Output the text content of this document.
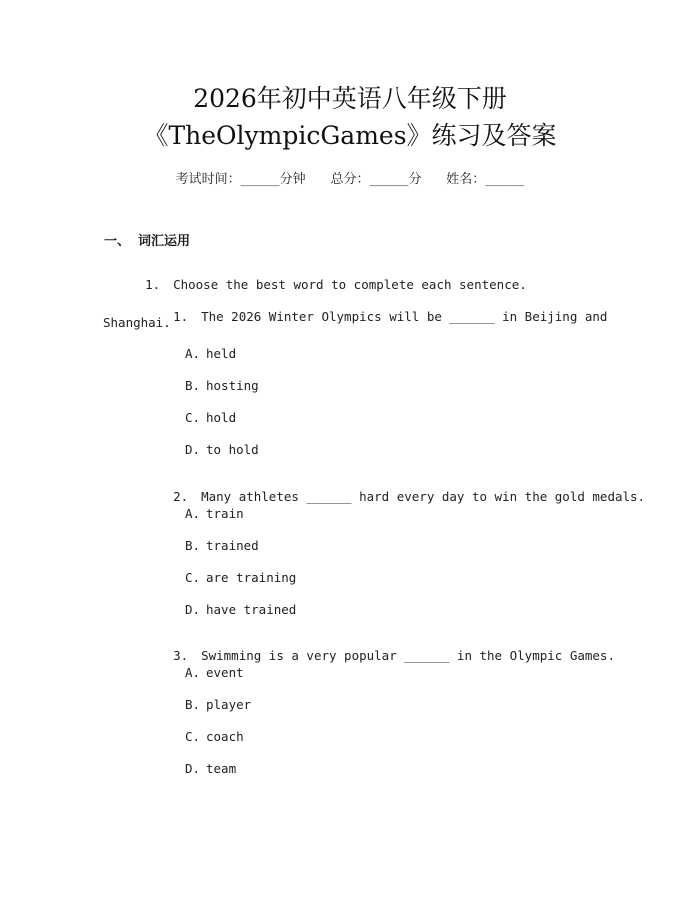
2026年初中英语八年级下册
《TheOlympicGames》练习及答案
考试时间：______分钟 总分：______分 姓名：______
一、 词汇运用

1. Choose the best word to complete each sentence.

1. The 2026 Winter Olympics will be ______ in Beijing and

Shanghai.
A. held
B. hosting
C. hold
D. to hold

2. Many athletes ______ hard every day to win the gold medals.

A. train
B. trained
C. are training
D. have trained

3. Swimming is a very popular ______ in the Olympic Games.

A. event
B. player
C. coach
D. team
